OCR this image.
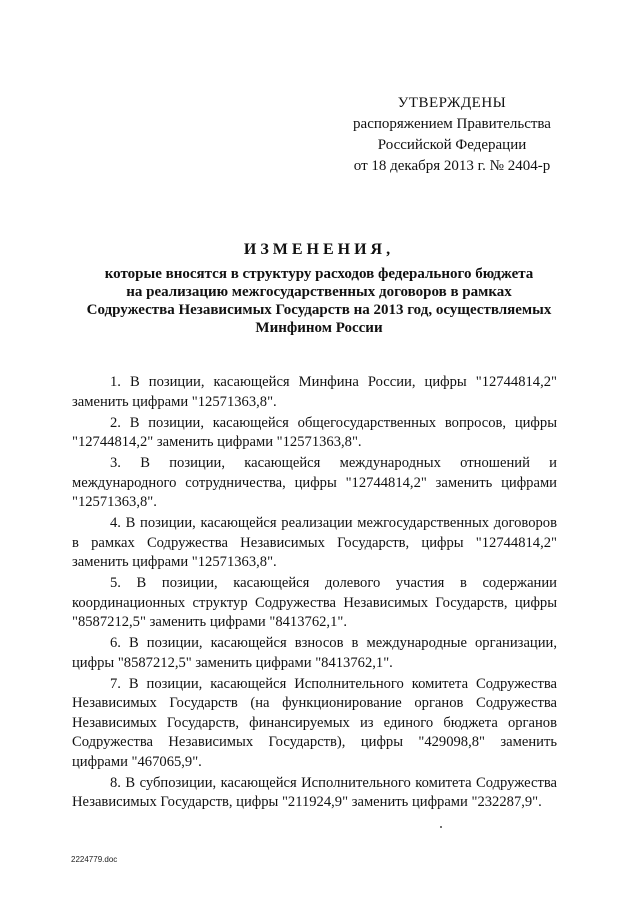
УТВЕРЖДЕНЫ
распоряжением Правительства
Российской Федерации
от 18 декабря 2013 г. № 2404-р
ИЗМЕНЕНИЯ,
которые вносятся в структуру расходов федерального бюджета
на реализацию межгосударственных договоров в рамках
Содружества Независимых Государств на 2013 год, осуществляемых
Минфином России

1. В позиции, касающейся Минфина России, цифры "12744814,2" заменить цифрами "12571363,8".

2. В позиции, касающейся общегосударственных вопросов, цифры "12744814,2" заменить цифрами "12571363,8".

3. В позиции, касающейся международных отношений и международного сотрудничества, цифры "12744814,2" заменить цифрами "12571363,8".

4. В позиции, касающейся реализации межгосударственных договоров в рамках Содружества Независимых Государств, цифры "12744814,2" заменить цифрами "12571363,8".

5. В позиции, касающейся долевого участия в содержании координационных структур Содружества Независимых Государств, цифры "8587212,5" заменить цифрами "8413762,1".

6. В позиции, касающейся взносов в международные организации, цифры "8587212,5" заменить цифрами "8413762,1".

7. В позиции, касающейся Исполнительного комитета Содружества Независимых Государств (на функционирование органов Содружества Независимых Государств, финансируемых из единого бюджета органов Содружества Независимых Государств), цифры "429098,8" заменить цифрами "467065,9".

8. В субпозиции, касающейся Исполнительного комитета Содружества Независимых Государств, цифры "211924,9" заменить цифрами "232287,9".

2224779.doc
